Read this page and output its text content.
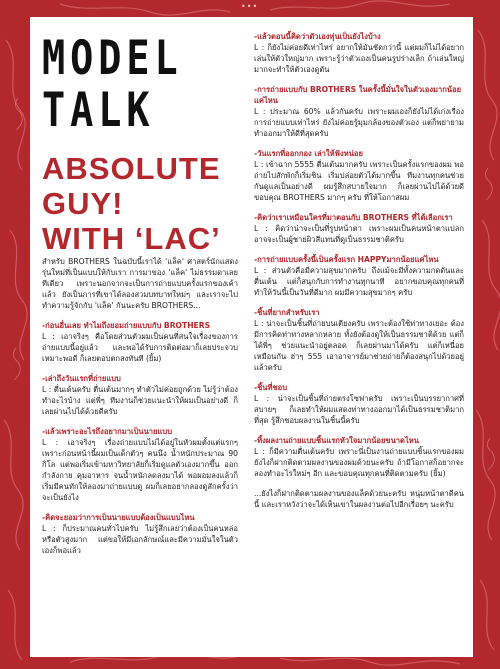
•••
MODEL
TALK
ABSOLUTE
GUY!
WITH ‘LAC’

สำหรับ BROTHERS ในฉบับนี้เราได้ 'แล็ค' ศาสตร์นักแสดงรุ่นใหม่ที่เป็นแบบให้กับเรา การมาของ 'แล็ค' ไม่ธรรมดาเลยทีเดียว เพราะนอกจากจะเป็นการถ่ายแบบครั้งแรกของเค้าแล้ว ยังเป็นการที่เขาได้ลองสวมบทบาทใหม่ๆ และเราจะไปทำความรู้จักกับ 'แล็ค' กันนะครับ BROTHERS...

-ก่อนอื่นเลย ทำไมถึงยอมถ่ายแบบกับ BROTHERS

L : เอาจริงๆ คือโดยส่วนตัวผมเป็นคนที่สนใจเรื่องของการถ่ายแบบนี้อยู่แล้ว และพอได้รับการติดต่อมาก็เลยประจวบเหมาะพอดี ก็เลยตอบตกลงทันที (ยิ้ม)

-เล่าถึงวันแรกที่ถ่ายแบบ

L : ตื่นเต้นครับ ตื่นเต้นมากๆ ทำตัวไม่ค่อยถูกด้วย ไม่รู้ว่าต้องทำอะไรบ้าง แต่พี่ๆ ทีมงานก็ช่วยแนะนำให้ผมเป็นอย่างดี ก็เลยผ่านไปได้ด้วยดีครับ

-แล้วเพราะอะไรถึงอยากมาเป็นนายแบบ

L : เอาจริงๆ เรื่องถ่ายแบบไม่ได้อยู่ในหัวผมตั้งแต่แรกๆ เพราะก่อนหน้านี้ผมเป็นเด็กตัวๆ คนนึง น้ำหนักประมาณ 90 กิโล แต่พอเริ่มเข้ามหาวิทยาลัยก็เริ่มดูแลตัวเองมากขึ้น ออกกำลังกาย คุมอาหาร จนน้ำหนักลดลงมาได้ พอผอมลงแล้วก็เริ่มมีคนทักให้ลองมาถ่ายแบบดู ผมก็เลยอยากลองดูสักครั้งว่าจะเป็นยังไง

-คิดจะยอมว่าการเป็นนายแบบต้องเป็นแบบไหน

L : ก็ประมาณคนทั่วไปครับ ไม่รู้สึกเลยว่าต้องเป็นคนหล่อหรือตัวสูงมาก แต่ขอให้มีเอกลักษณ์และมีความมั่นใจในตัวเองก็พอแล้ว

-แล้วตอนนี้คิดว่าตัวเองหุ่นเป็นยังไงบ้าง

L : ก็ยังไม่ค่อยดีเท่าไหร่ อยากให้มันชัดกว่านี้ แต่ผมก็ไม่ได้อยากเล่นให้ตัวใหญ่มาก เพราะรู้ว่าตัวเองเป็นคนรูปร่างเล็ก ถ้าเล่นใหญ่มากจะทำให้ตัวเองดูตัน

-การถ่ายแบบกับ BROTHERS ในครั้งนี้มั่นใจในตัวเองมากน้อยแค่ไหน

L : ประมาณ 60% แล้วกันครับ เพราะผมเองก็ยังไม่ได้เก่งเรื่องการถ่ายแบบเท่าไหร่ ยังไม่ค่อยรู้มุมกล้องของตัวเอง แต่ก็พยายามทำออกมาให้ดีที่สุดครับ

-วันแรกที่ออกกอง เล่าให้ฟังหน่อย

L : เข้าฉาก 5555 ตื่นเต้นมากครับ เพราะเป็นครั้งแรกของผม พอถ่ายไปสักพักก็เริ่มชิน เริ่มปล่อยตัวได้มากขึ้น ทีมงานทุกคนช่วยกันดูแลเป็นอย่างดี ผมรู้สึกสบายใจมาก ก็เลยผ่านไปได้ด้วยดี ขอบคุณ BROTHERS มากๆ ครับ ที่ให้โอกาสผม

-คิดว่าเราเหมือนใครที่มาตอนกับ BROTHERS ที่ได้เลือกเรา

L : คิดว่าน่าจะเป็นที่รูปหน้าตา เพราะผมเป็นคนหน้าตาแปลก อาจจะเป็นผู้ชายผิวสีแทนที่ดูเป็นธรรมชาติครับ

-การถ่ายแบบครั้งนี้เป็นครั้งแรก HAPPYมากน้อยแค่ไหน

L : ส่วนตัวคือมีความสุขมากครับ ถึงแม้จะมีทั้งความกดดันและตื่นเต้น แต่ก็สนุกกับการทำงานทุกนาที อยากขอบคุณทุกคนที่ทำให้วันนี้เป็นวันที่ดีมาก ผมมีความสุขมากๆ ครับ

-ชิ้นที่ยากสำหรับเรา

L : น่าจะเป็นชิ้นที่ถ่ายบนเตียงครับ เพราะต้องใช้ท่าทางเยอะ ต้องมีการคิดท่าทางหลากหลาย ทั้งยังต้องดูให้เป็นธรรมชาติด้วย แต่ก็ได้พี่ๆ ช่วยแนะนำอยู่ตลอด ก็เลยผ่านมาได้ครับ แต่ก็เหนื่อยเหมือนกัน ฮ่าๆ 555 เอาอาจารย์มาช่วยถ่ายก็ต้องสนุกไปด้วยอยู่แล้วครับ

-ชิ้นที่ชอบ

L : น่าจะเป็นชิ้นที่ถ่ายตรงโซฟาครับ เพราะเป็นบรรยากาศที่สบายๆ ก็เลยทำให้ผมแสดงท่าทางออกมาได้เป็นธรรมชาติมากที่สุด รู้สึกชอบผลงานในชิ้นนี้ครับ

-ทิ้งผลงานถ่ายแบบชิ้นแรกหัวใจมากน้อยขนาดไหน

L : ก็มีความตื่นเต้นครับ เพราะนี่เป็นงานถ่ายแบบชิ้นแรกของผม ยังไงก็ฝากติดตามผลงานของผมด้วยนะครับ ถ้ามีโอกาสก็อยากจะลองทำอะไรใหม่ๆ อีก และขอบคุณทุกคนที่ติดตามครับ (ยิ้ม)

...ยังไงก็ฝากติดตามผลงานของแล็คด้วยนะครับ หนุ่มหน้าตาดีคนนี้ และเราหวังว่าจะได้เห็นเขาในผลงานต่อไปอีกเรื่อยๆ นะครับ
